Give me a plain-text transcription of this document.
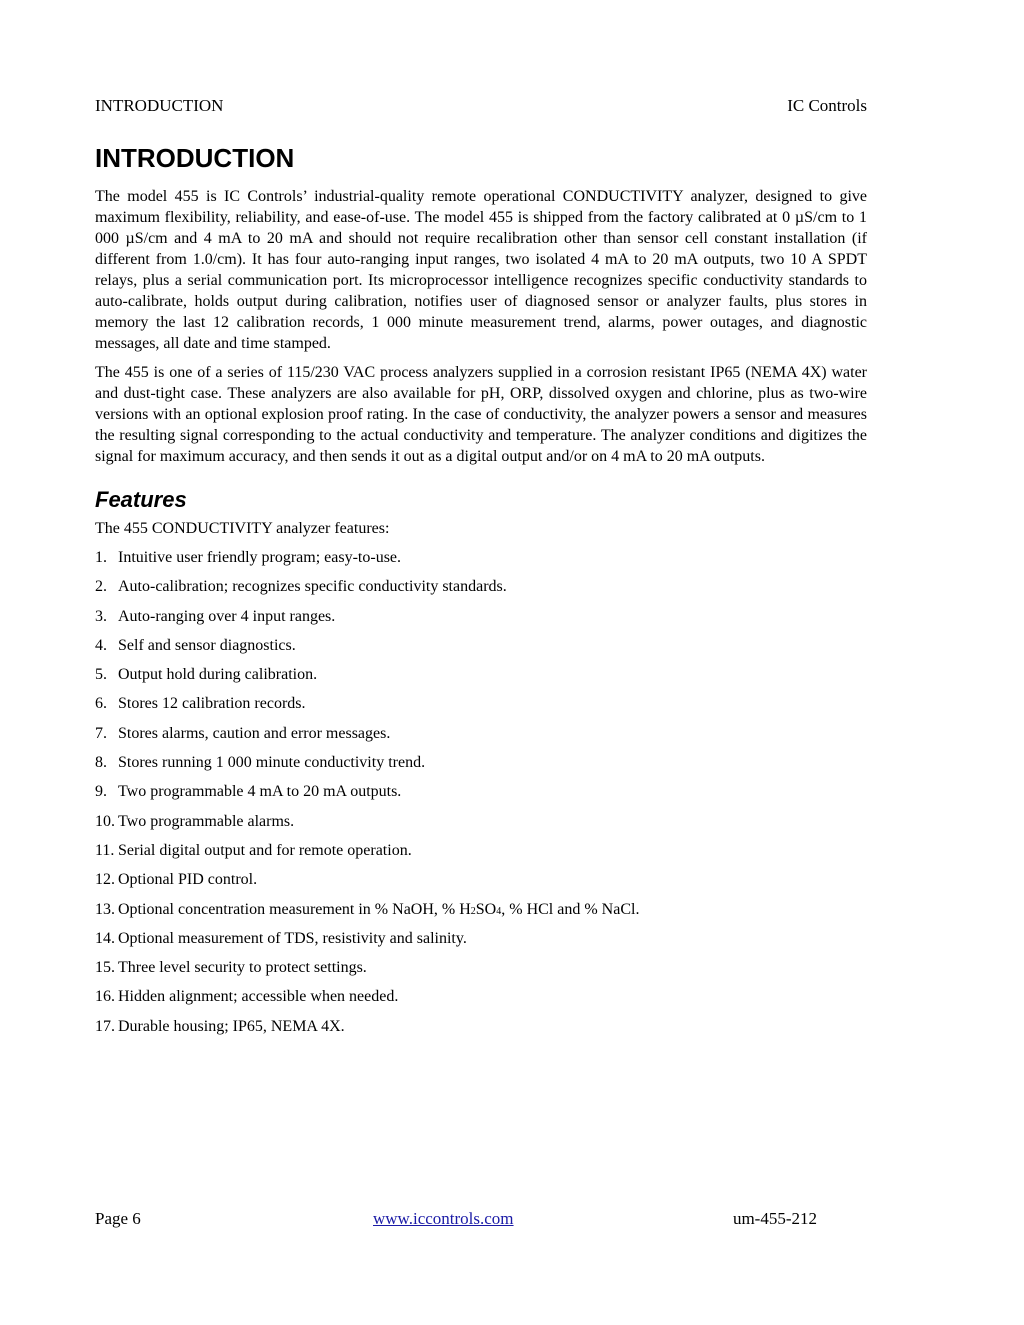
INTRODUCTION	IC Controls
INTRODUCTION

The model 455 is IC Controls’ industrial-quality remote operational CONDUCTIVITY analyzer, designed to give maximum flexibility, reliability, and ease-of-use. The model 455 is shipped from the factory calibrated at 0 µS/cm to 1 000 µS/cm and 4 mA to 20 mA and should not require recalibration other than sensor cell constant installation (if different from 1.0/cm). It has four auto-ranging input ranges, two isolated 4 mA to 20 mA outputs, two 10 A SPDT relays, plus a serial communication port. Its microprocessor intelligence recognizes specific conductivity standards to auto-calibrate, holds output during calibration, notifies user of diagnosed sensor or analyzer faults, plus stores in memory the last 12 calibration records, 1 000 minute measurement trend, alarms, power outages, and diagnostic messages, all date and time stamped.

The 455 is one of a series of 115/230 VAC process analyzers supplied in a corrosion resistant IP65 (NEMA 4X) water and dust-tight case. These analyzers are also available for pH, ORP, dissolved oxygen and chlorine, plus as two-wire versions with an optional explosion proof rating. In the case of conductivity, the analyzer powers a sensor and measures the resulting signal corresponding to the actual conductivity and temperature. The analyzer conditions and digitizes the signal for maximum accuracy, and then sends it out as a digital output and/or on 4 mA to 20 mA outputs.

Features

The 455 CONDUCTIVITY analyzer features:

1. Intuitive user friendly program; easy-to-use.
2. Auto-calibration; recognizes specific conductivity standards.
3. Auto-ranging over 4 input ranges.
4. Self and sensor diagnostics.
5. Output hold during calibration.
6. Stores 12 calibration records.
7. Stores alarms, caution and error messages.
8. Stores running 1 000 minute conductivity trend.
9. Two programmable 4 mA to 20 mA outputs.
10. Two programmable alarms.
11. Serial digital output and for remote operation.
12. Optional PID control.
13. Optional concentration measurement in % NaOH, % H2SO4, % HCl and % NaCl.
14. Optional measurement of TDS, resistivity and salinity.
15. Three level security to protect settings.
16. Hidden alignment; accessible when needed.
17. Durable housing; IP65, NEMA 4X.
Page 6	www.iccontrols.com	um-455-212
